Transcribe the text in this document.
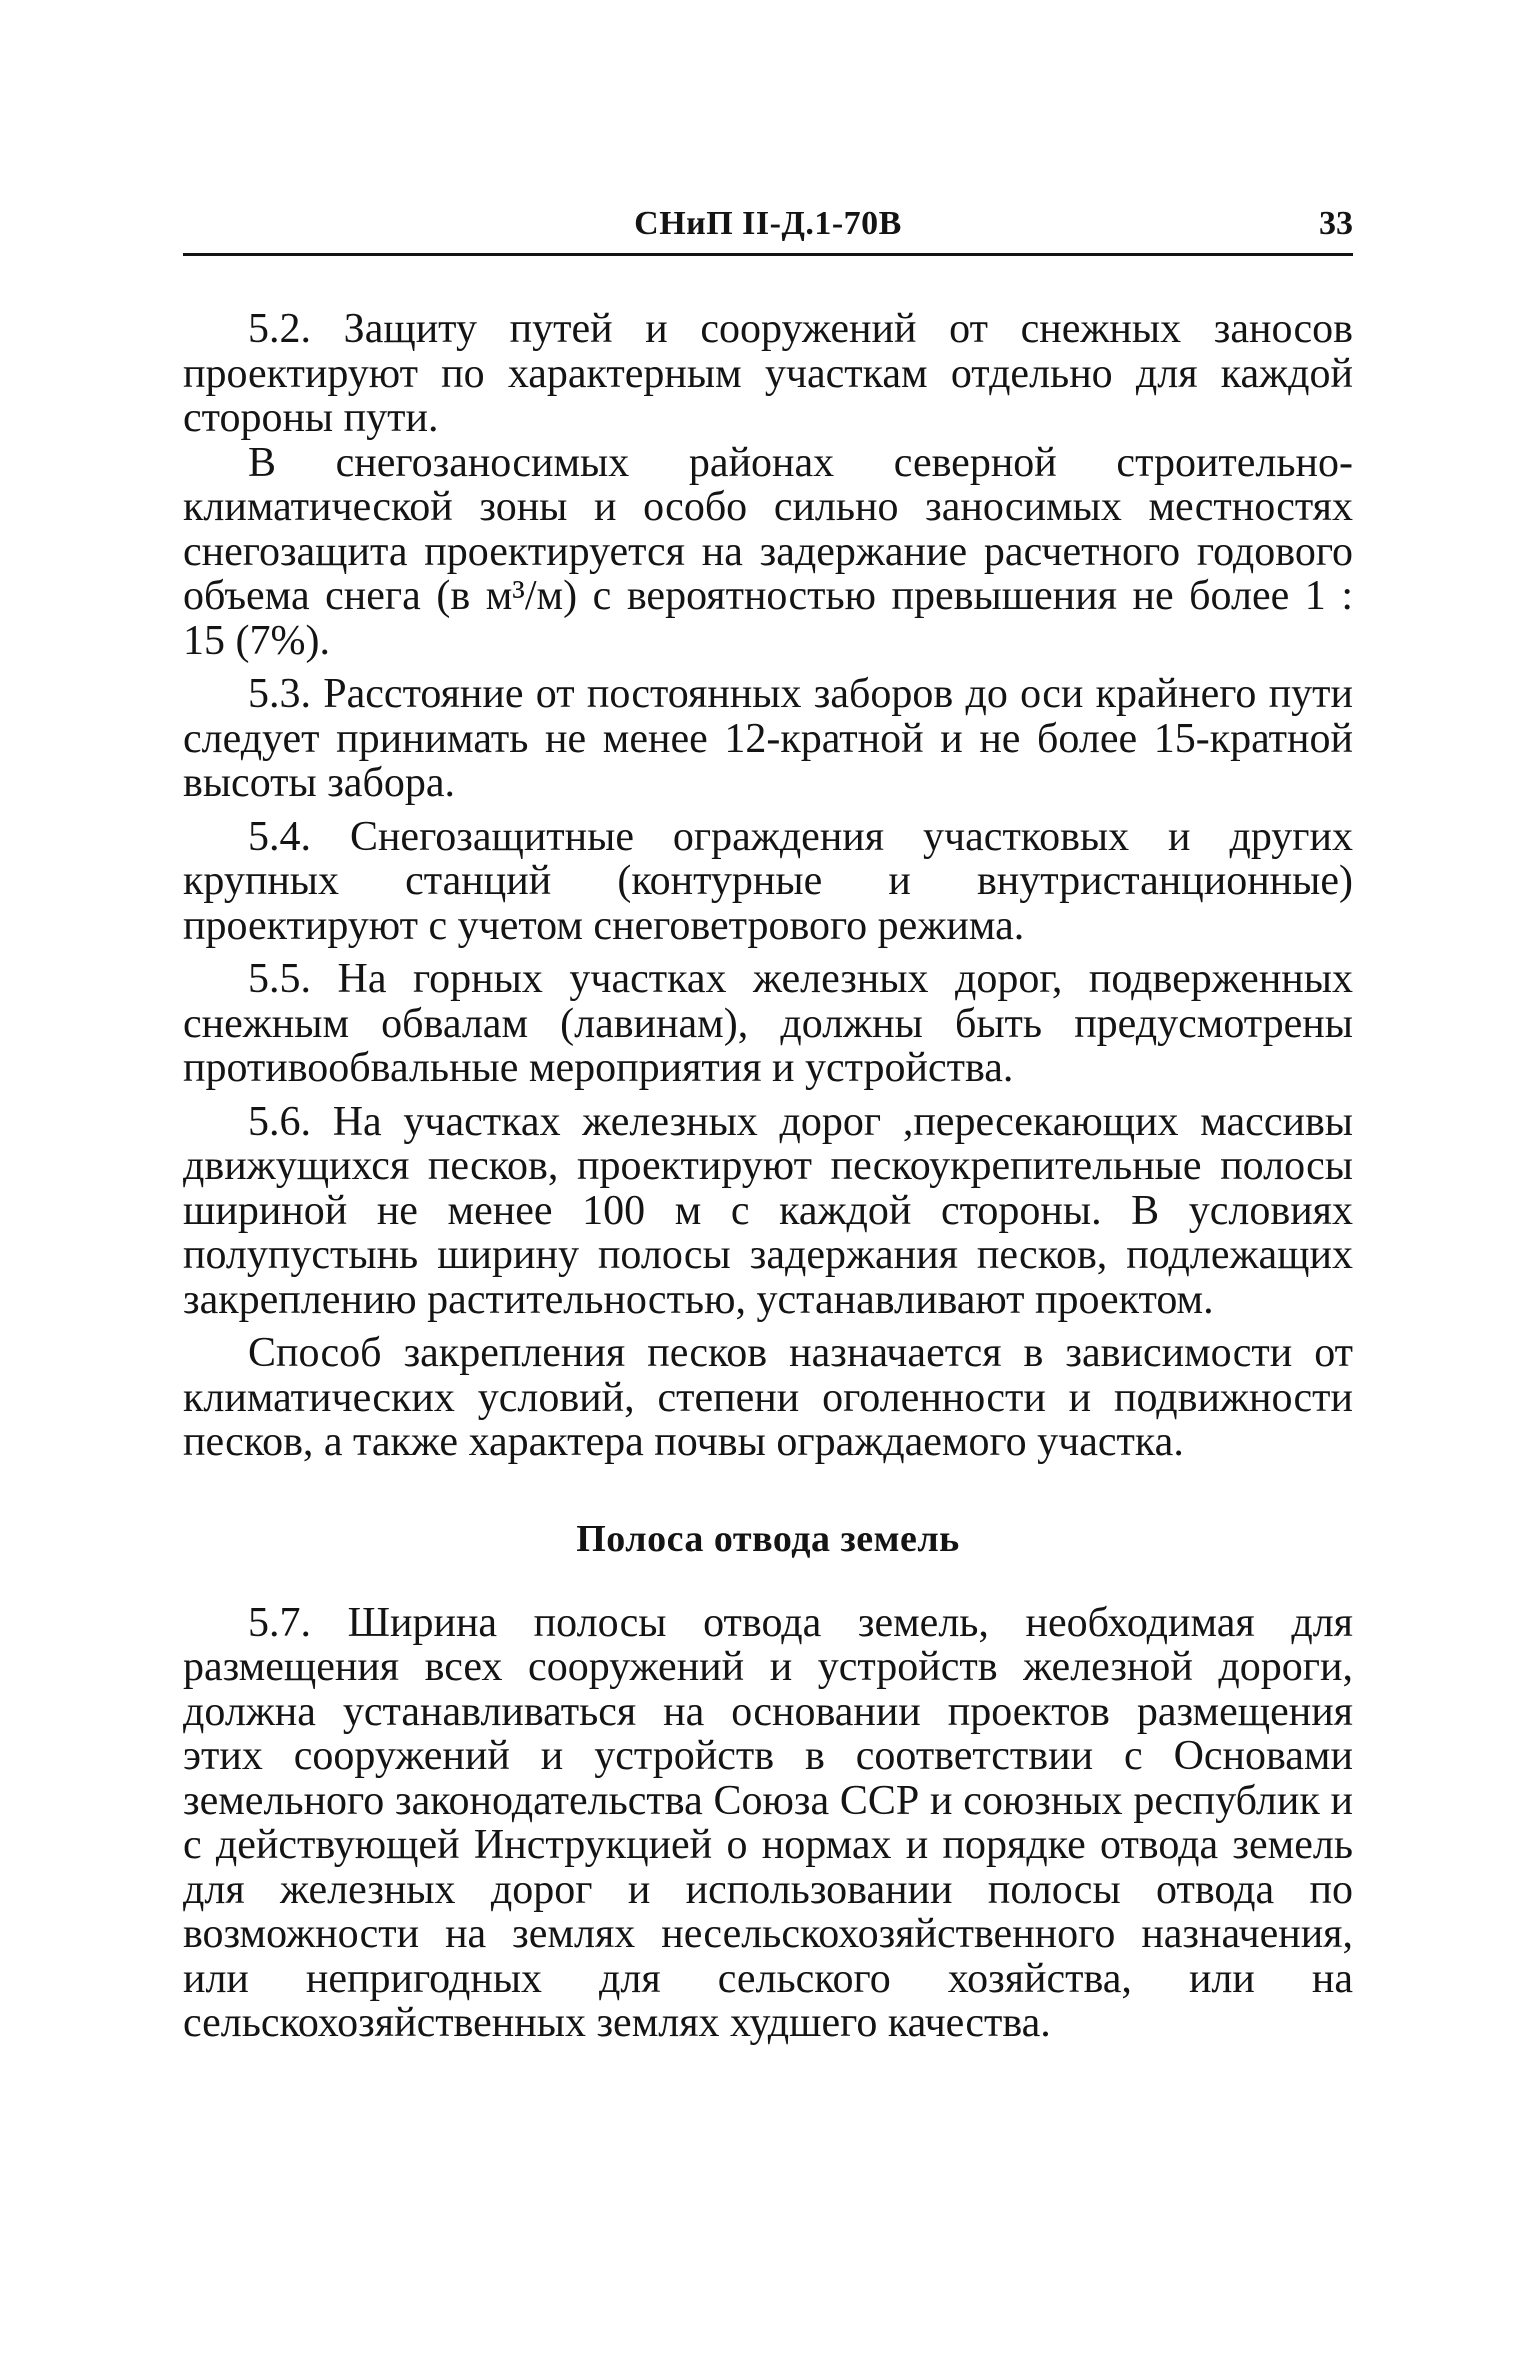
СНиП II-Д.1-70В	33

5.2. Защиту путей и сооружений от снежных заносов проектируют по характерным участкам отдельно для каждой стороны пути.

В снегозаносимых районах северной строительно-климатической зоны и особо сильно заносимых местностях снегозащита проектируется на задержание расчетного годового объема снега (в м³/м) с вероятностью превышения не более 1 : 15 (7%).

5.3. Расстояние от постоянных заборов до оси крайнего пути следует принимать не менее 12-кратной и не более 15-кратной высоты забора.

5.4. Снегозащитные ограждения участковых и других крупных станций (контурные и внутристанционные) проектируют с учетом снеговетрового режима.

5.5. На горных участках железных дорог, подверженных снежным обвалам (лавинам), должны быть предусмотрены противообвальные мероприятия и устройства.

5.6. На участках железных дорог ,пересекающих массивы движущихся песков, проектируют пескоукрепительные полосы шириной не менее 100 м с каждой стороны. В условиях полупустынь ширину полосы задержания песков, подлежащих закреплению растительностью, устанавливают проектом.

Способ закрепления песков назначается в зависимости от климатических условий, степени оголенности и подвижности песков, а также характера почвы ограждаемого участка.

Полоса отвода земель

5.7. Ширина полосы отвода земель, необходимая для размещения всех сооружений и устройств железной дороги, должна устанавливаться на основании проектов размещения этих сооружений и устройств в соответствии с Основами земельного законодательства Союза ССР и союзных республик и с действующей Инструкцией о нормах и порядке отвода земель для железных дорог и использовании полосы отвода по возможности на землях несельскохозяйственного назначения, или непригодных для сельского хозяйства, или на сельскохозяйственных землях худшего качества.
